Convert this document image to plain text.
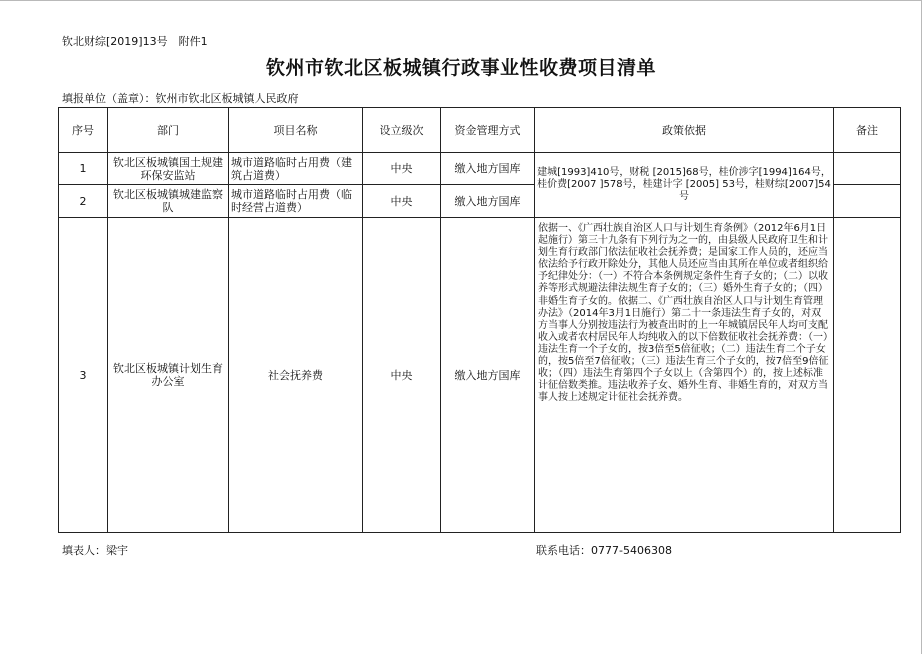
钦北财综[2019]13号　附件1
钦州市钦北区板城镇行政事业性收费项目清单
填报单位（盖章）：钦州市钦北区板城镇人民政府
序号	部门	项目名称	设立级次	资金管理方式	政策依据	备注
1	钦北区板城镇国土规建环保安监站	城市道路临时占用费（建筑占道费）	中央	缴入地方国库	建城[1993]410号，财税 [2015]68号，桂价涉字[1994]164号，桂价费[2007 ]578号，桂建计字 [2005] 53号，桂财综[2007]54号	
2	钦北区板城镇城建监察队	城市道路临时占用费（临时经营占道费）	中央	缴入地方国库		
3	钦北区板城镇计划生育办公室	社会抚养费	中央	缴入地方国库	依据一、《广西壮族自治区人口与计划生育条例》（2012年6月1日起施行）第三十九条有下列行为之一的，由县级人民政府卫生和计划生育行政部门依法征收社会抚养费；是国家工作人员的，还应当依法给予行政开除处分，其他人员还应当由其所在单位或者组织给予纪律处分：（一）不符合本条例规定条件生育子女的；（二）以收养等形式规避法律法规生育子女的；（三）婚外生育子女的；（四）非婚生育子女的。依据二、《广西壮族自治区人口与计划生育管理办法》（2014年3月1日施行）第二十一条违法生育子女的，对双方当事人分别按违法行为被查出时的上一年城镇居民年人均可支配收入或者农村居民年人均纯收入的以下倍数征收社会抚养费：（一）违法生育一个子女的，按3倍至5倍征收；（二）违法生育二个子女的，按5倍至7倍征收；（三）违法生育三个子女的，按7倍至9倍征收；（四）违法生育第四个子女以上（含第四个）的，按上述标准计征倍数类推。违法收养子女、婚外生育、非婚生育的，对双方当事人按上述规定计征社会抚养费。	
填表人：梁宇	联系电话：0777-5406308
